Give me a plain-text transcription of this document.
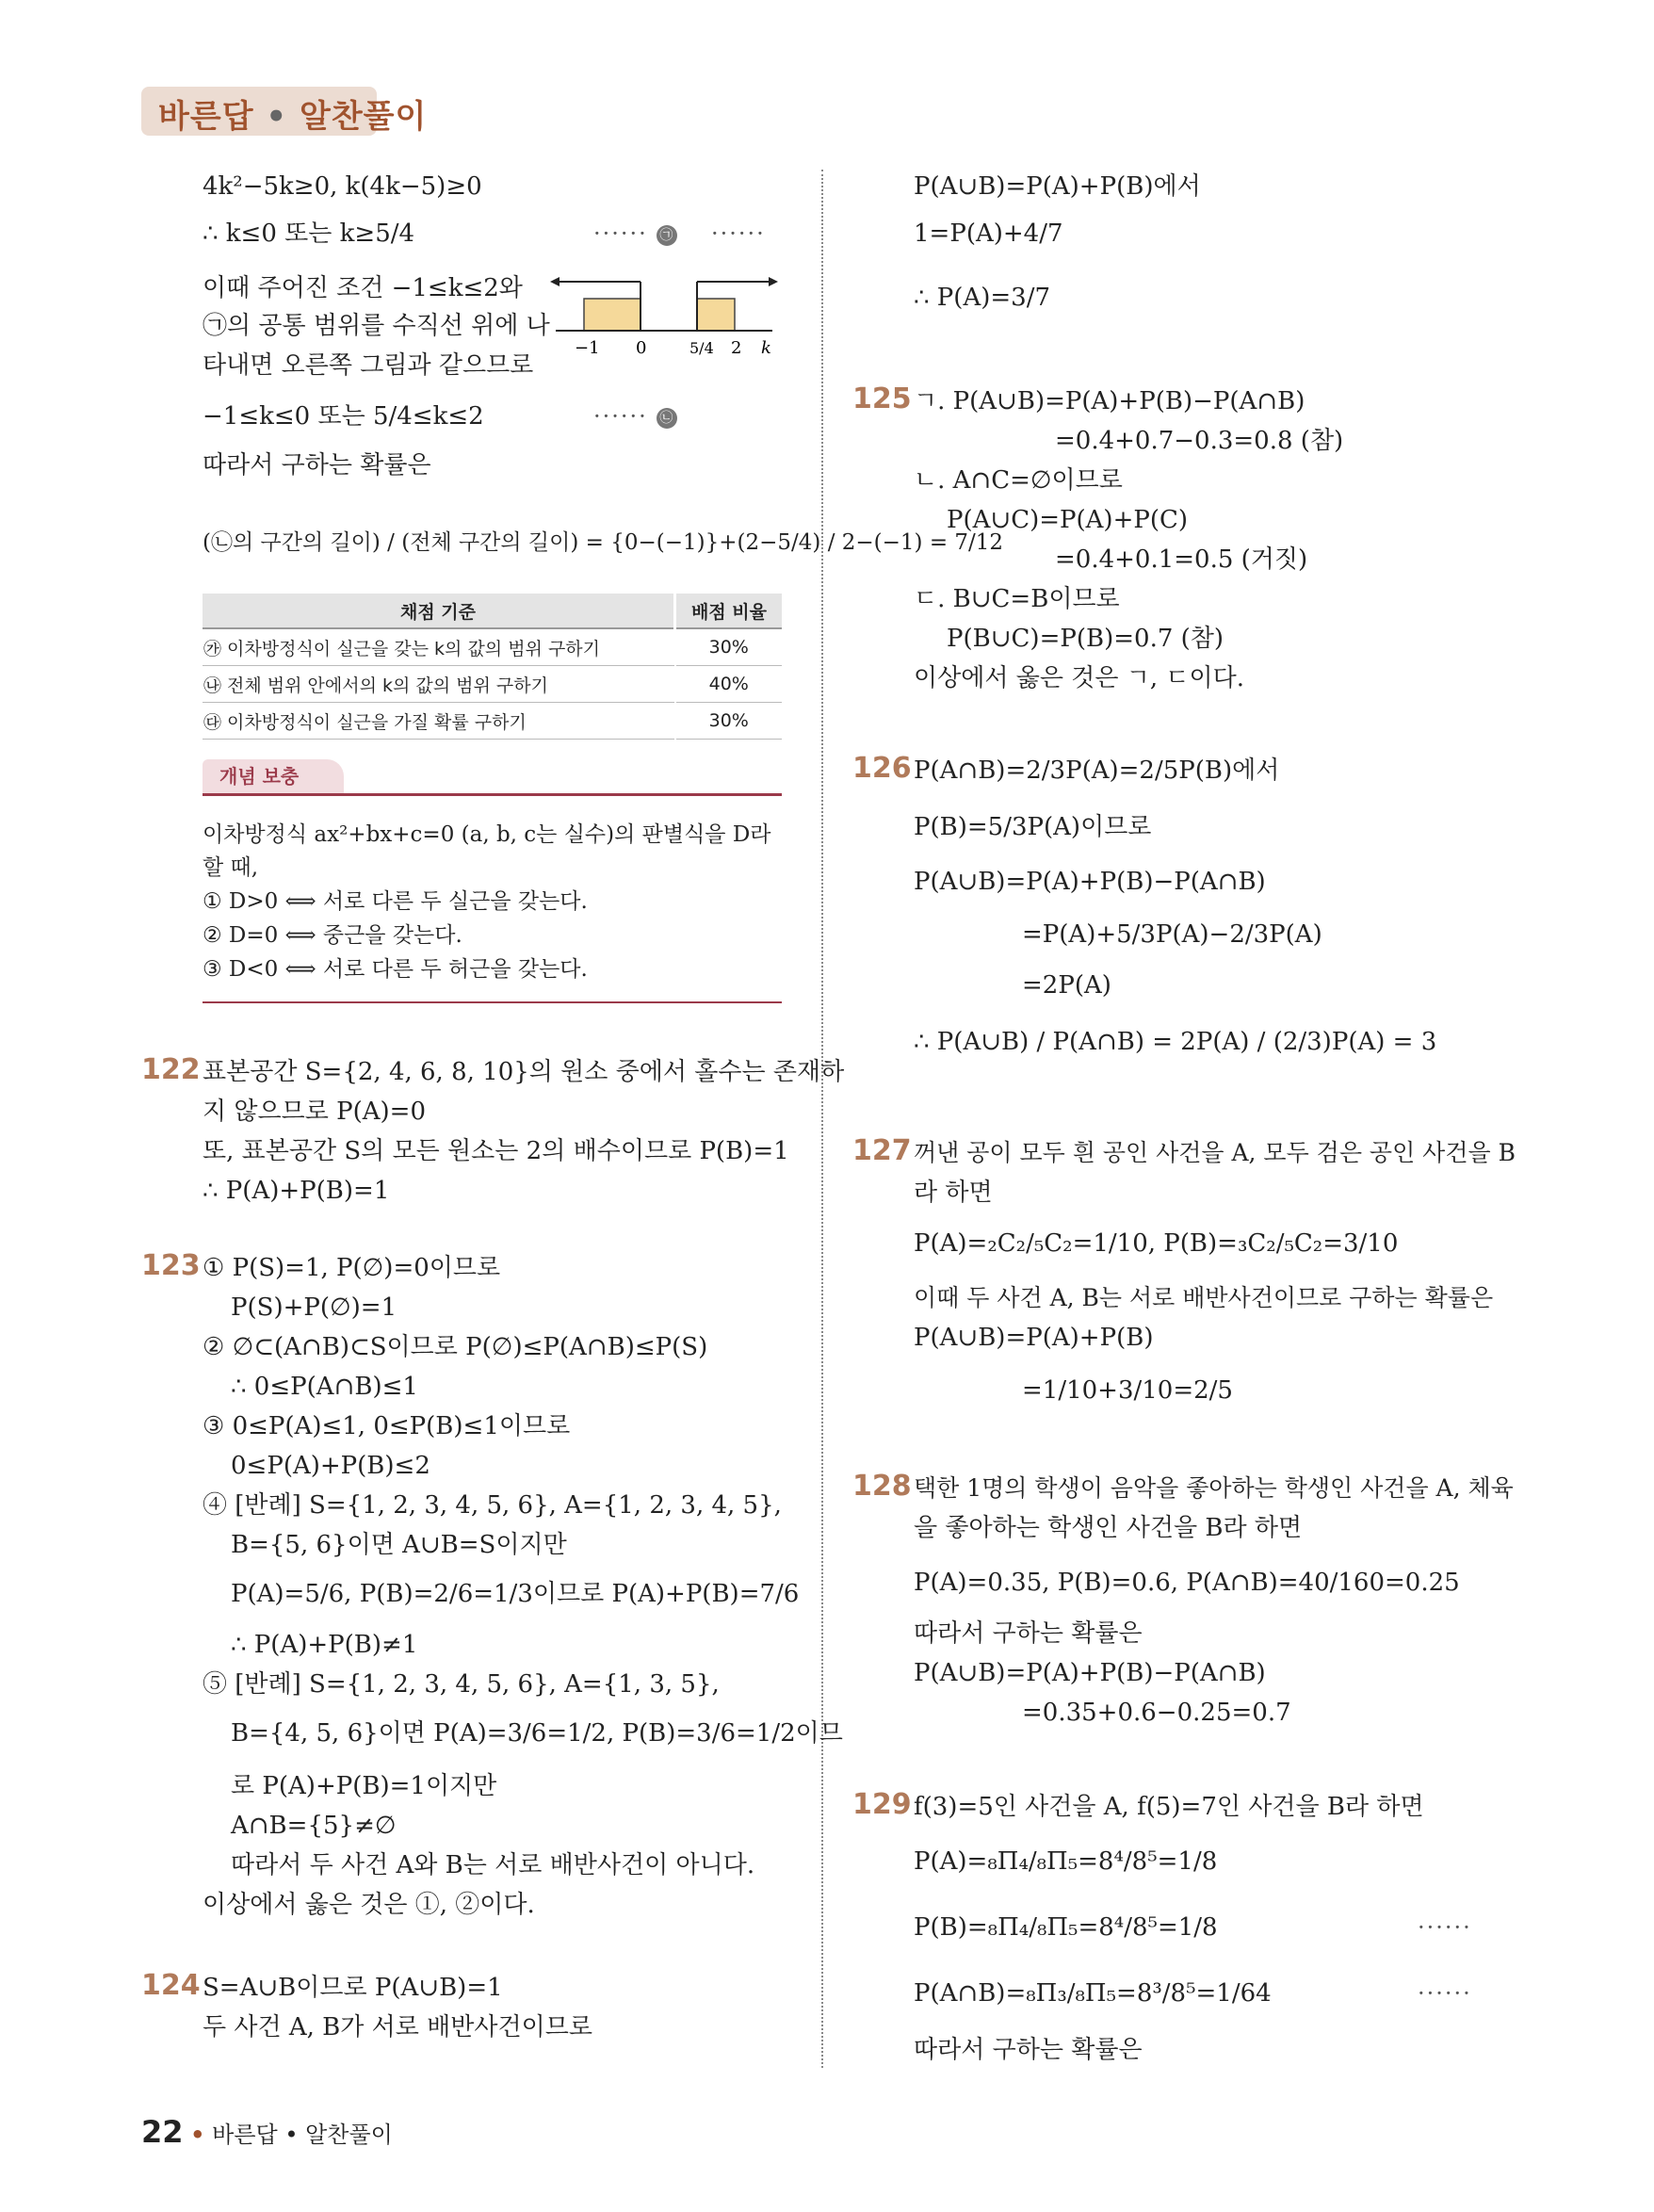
바른답 • 알찬풀이
4k²−5k≥0, k(4k−5)≥0
∴ k≤0 또는 k≥5/4	······ ㉠ ······
이때 주어진 조건 −1≤k≤2와
㉠의 공통 범위를 수직선 위에 나
타내면 오른쪽 그림과 같으므로
−1 0	5/4 2 k
−1≤k≤0 또는 5/4≤k≤2	······ ㉡
따라서 구하는 확률은
(㉡의 구간의 길이) / (전체 구간의 길이) = {0−(−1)}+(2−5/4) / 2−(−1) = 7/12
채점 기준	배점 비율
㉮ 이차방정식이 실근을 갖는 k의 값의 범위 구하기	30%
㉯ 전체 범위 안에서의 k의 값의 범위 구하기	40%
㉰ 이차방정식이 실근을 가질 확률 구하기	30%
개념 보충
이차방정식 ax²+bx+c=0 (a, b, c는 실수)의 판별식을 D라
할 때,
① D>0 ⟺ 서로 다른 두 실근을 갖는다.
② D=0 ⟺ 중근을 갖는다.
③ D<0 ⟺ 서로 다른 두 허근을 갖는다.
122 표본공간 S={2, 4, 6, 8, 10}의 원소 중에서 홀수는 존재하
지 않으므로 P(A)=0
또, 표본공간 S의 모든 원소는 2의 배수이므로 P(B)=1
∴ P(A)+P(B)=1
123 ① P(S)=1, P(∅)=0이므로
P(S)+P(∅)=1
② ∅⊂(A∩B)⊂S이므로 P(∅)≤P(A∩B)≤P(S)
∴ 0≤P(A∩B)≤1
③ 0≤P(A)≤1, 0≤P(B)≤1이므로
0≤P(A)+P(B)≤2
④ [반례] S={1, 2, 3, 4, 5, 6}, A={1, 2, 3, 4, 5},
B={5, 6}이면 A∪B=S이지만
P(A)=5/6, P(B)=2/6=1/3이므로 P(A)+P(B)=7/6
∴ P(A)+P(B)≠1
⑤ [반례] S={1, 2, 3, 4, 5, 6}, A={1, 3, 5},
B={4, 5, 6}이면 P(A)=3/6=1/2, P(B)=3/6=1/2이므
로 P(A)+P(B)=1이지만
A∩B={5}≠∅
따라서 두 사건 A와 B는 서로 배반사건이 아니다.
이상에서 옳은 것은 ①, ②이다.
124 S=A∪B이므로 P(A∪B)=1
두 사건 A, B가 서로 배반사건이므로
P(A∪B)=P(A)+P(B)에서
1=P(A)+4/7
∴ P(A)=3/7
125 ㄱ. P(A∪B)=P(A)+P(B)−P(A∩B)
=0.4+0.7−0.3=0.8 (참)
ㄴ. A∩C=∅이므로
P(A∪C)=P(A)+P(C)
=0.4+0.1=0.5 (거짓)
ㄷ. B∪C=B이므로
P(B∪C)=P(B)=0.7 (참)
이상에서 옳은 것은 ㄱ, ㄷ이다.
126 P(A∩B)=2/3P(A)=2/5P(B)에서
P(B)=5/3P(A)이므로
P(A∪B)=P(A)+P(B)−P(A∩B)
=P(A)+5/3P(A)−2/3P(A)
=2P(A)
∴ P(A∪B) / P(A∩B) = 2P(A) / (2/3)P(A) = 3
127 꺼낸 공이 모두 흰 공인 사건을 A, 모두 검은 공인 사건을 B
라 하면
P(A)=₂C₂/₅C₂=1/10, P(B)=₃C₂/₅C₂=3/10
이때 두 사건 A, B는 서로 배반사건이므로 구하는 확률은
P(A∪B)=P(A)+P(B)
=1/10+3/10=2/5
128 택한 1명의 학생이 음악을 좋아하는 학생인 사건을 A, 체육
을 좋아하는 학생인 사건을 B라 하면
P(A)=0.35, P(B)=0.6, P(A∩B)=40/160=0.25
따라서 구하는 확률은
P(A∪B)=P(A)+P(B)−P(A∩B)
=0.35+0.6−0.25=0.7
129 f(3)=5인 사건을 A, f(5)=7인 사건을 B라 하면
P(A)=₈Π₄/₈Π₅=8⁴/8⁵=1/8
P(B)=₈Π₄/₈Π₅=8⁴/8⁵=1/8	······
P(A∩B)=₈Π₃/₈Π₅=8³/8⁵=1/64	······
따라서 구하는 확률은
22 • 바른답 • 알찬풀이
